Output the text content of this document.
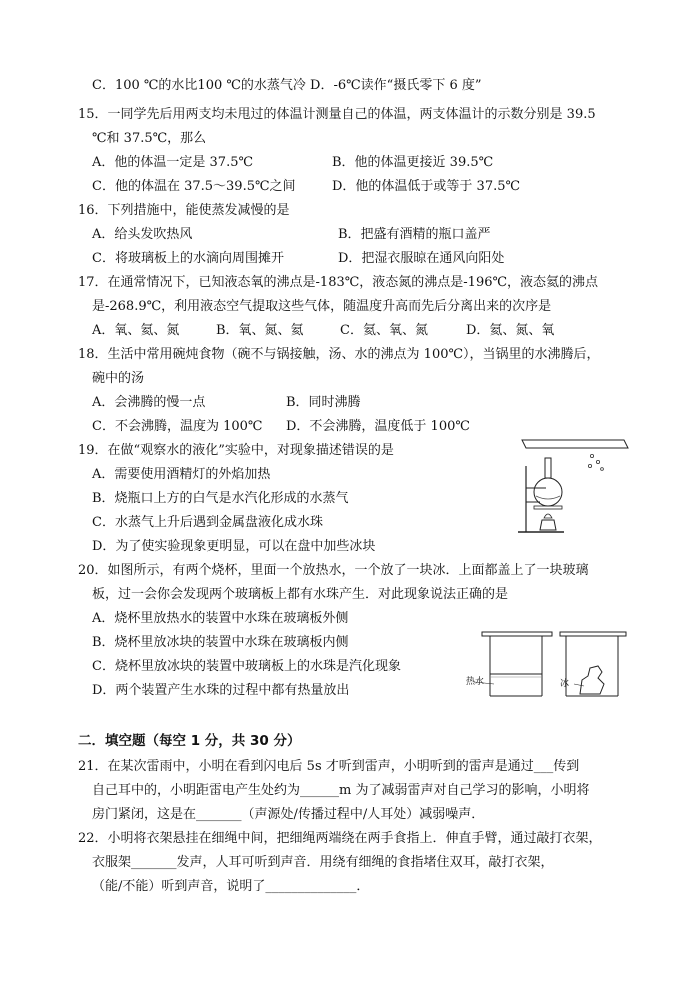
C．100 ℃的水比100 ℃的水蒸气冷 D．-6℃读作“摄氏零下 6 度”
15．一同学先后用两支均未甩过的体温计测量自己的体温，两支体温计的示数分别是 39.5
℃和 37.5℃，那么
A．他的体温一定是 37.5℃	B．他的体温更接近 39.5℃
C．他的体温在 37.5～39.5℃之间	D．他的体温低于或等于 37.5℃
16．下列措施中，能使蒸发减慢的是
A．给头发吹热风	B．把盛有酒精的瓶口盖严
C．将玻璃板上的水滴向周围摊开	D．把湿衣服晾在通风向阳处
17．在通常情况下，已知液态氧的沸点是-183℃，液态氮的沸点是-196℃，液态氦的沸点
是-268.9℃，利用液态空气提取这些气体，随温度升高而先后分离出来的次序是
A．氧、氦、氮	B．氧、氮、氦	C．氦、氧、氮	D．氦、氮、氧
18．生活中常用碗炖食物（碗不与锅接触，汤、水的沸点为 100℃），当锅里的水沸腾后，
碗中的汤
A．会沸腾的慢一点	B．同时沸腾
C．不会沸腾，温度为 100℃ D．不会沸腾，温度低于 100℃
19．在做“观察水的液化”实验中，对现象描述错误的是
A．需要使用酒精灯的外焰加热
B．烧瓶口上方的白气是水汽化形成的水蒸气
C．水蒸气上升后遇到金属盘液化成水珠
D．为了使实验现象更明显，可以在盘中加些冰块
20．如图所示，有两个烧杯，里面一个放热水，一个放了一块冰．上面都盖上了一块玻璃
板，过一会你会发现两个玻璃板上都有水珠产生．对此现象说法正确的是
A．烧杯里放热水的装置中水珠在玻璃板外侧
B．烧杯里放冰块的装置中水珠在玻璃板内侧
C．烧杯里放冰块的装置中玻璃板上的水珠是汽化现象
D．两个装置产生水珠的过程中都有热量放出
热水	冰
二．填空题（每空 1 分，共 30 分）
21．在某次雷雨中，小明在看到闪电后 5s 才听到雷声，小明听到的雷声是通过___传到
自己耳中的，小明距雷电产生处约为______m 为了减弱雷声对自己学习的影响，小明将
房门紧闭，这是在_______（声源处/传播过程中/人耳处）减弱噪声．
22．小明将衣架悬挂在细绳中间，把细绳两端绕在两手食指上．伸直手臂，通过敲打衣架，
衣服架_______发声，人耳可听到声音．用绕有细绳的食指堵住双耳，敲打衣架，
（能/不能）听到声音，说明了______________．
